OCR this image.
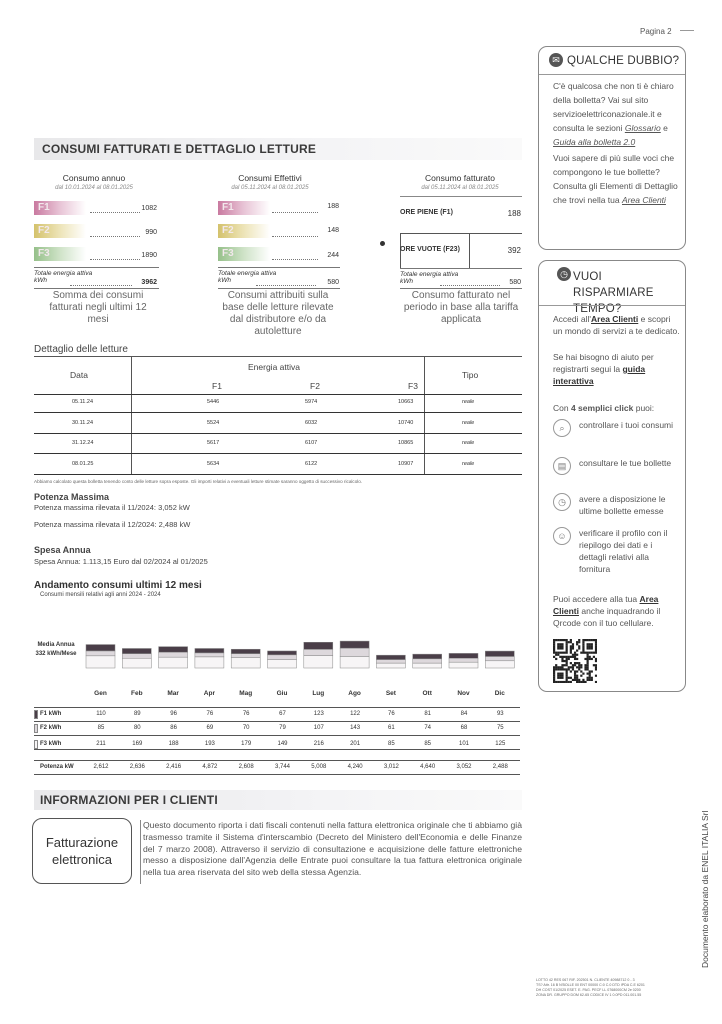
Pagina 2
CONSUMI FATTURATI E DETTAGLIO LETTURE
Consumo annuo
dal 10.01.2024 al 08.01.2025
F1	1082
F2	990
F3	1890
Totale energia attiva kWh	3962
Somma dei consumi fatturati negli ultimi 12 mesi
Consumi Effettivi
dal 05.11.2024 al 08.01.2025
F1	188
F2	148
F3	244
Totale energia attiva kWh	580
Consumi attribuiti sulla base delle letture rilevate dal distributore e/o da autoletture
Consumo fatturato
dal 05.11.2024 al 08.01.2025
ORE PIENE (F1)	188
ORE VUOTE (F23)	392
Totale energia attiva kWh	580
Consumo fatturato nel periodo in base alla tariffa applicata
Dettaglio delle letture
Data
Energia attiva
F1	F2	F3
Tipo
05.11.24	5446	5974	10663	reale
30.11.24	5524	6032	10740	reale
31.12.24	5617	6107	10865	reale
08.01.25	5634	6122	10907	reale
Abbiamo calcolato questa bolletta tenendo conto delle letture sopra esposte. Gli importi relativi a eventuali letture stimate saranno oggetto di successivo ricalcolo.
Potenza Massima
Potenza massima rilevata il 11/2024: 3,052 kW
Potenza massima rilevata il 12/2024: 2,488 kW
Spesa Annua
Spesa Annua: 1.113,15 Euro dal 02/2024 al 01/2025
Andamento consumi ultimi 12 mesi
Consumi mensili relativi agli anni 2024 - 2024
Media Annua 332 kWh/Mese
Gen	Feb	Mar	Apr	Mag	Giu	Lug	Ago	Set	Ott	Nov	Dic
F1 kWh	110	89	96	76	76	67	123	122	76	81	84	93
F2 kWh	85	80	86	69	70	79	107	143	61	74	68	75
F3 kWh	211	169	188	193	179	149	216	201	85	85	101	125
Potenza kW	2,612	2,636	2,416	4,872	2,608	3,744	5,008	4,240	3,012	4,640	3,052	2,488
INFORMAZIONI PER I CLIENTI
Fatturazione elettronica
Questo documento riporta i dati fiscali contenuti nella fattura elettronica originale che ti abbiamo già trasmesso tramite il Sistema d'interscambio (Decreto del Ministero dell'Economia e delle Finanze del 7 marzo 2008). Attraverso il servizio di consultazione e acquisizione delle fatture elettroniche messo a disposizione dall'Agenzia delle Entrate puoi consultare la tua fattura elettronica originale nella tua area riservata del sito web della stessa Agenzia.
✉ QUALCHE DUBBIO?
C'è qualcosa che non ti è chiaro della bolletta? Vai sul sito servizioelettriconazionale.it e consulta le sezioni Glossario e Guida alla bolletta 2.0
Vuoi sapere di più sulle voci che compongono le tue bollette? Consulta gli Elementi di Dettaglio che trovi nella tua Area Clienti
◷ VUOI RISPARMIARE TEMPO?
Accedi all'Area Clienti e scopri un mondo di servizi a te dedicato.
Se hai bisogno di aiuto per registrarti segui la guida interattiva
Con 4 semplici click puoi:
⌕	controllare i tuoi consumi
▤	consultare le tue bollette
◷	avere a disposizione le ultime bollette emesse
☺	verificare il profilo con il riepilogo dei dati e i dettagli relativi alla fornitura
Puoi accedere alla tua Area Clienti anche inquadrando il Qrcode con il tuo cellulare.
Documento elaborato da ENEL ITALIA Srl
LOTTO 42 RES 067 RIF. 202501 N. CLIENTE 40988712 0 - 3
TS? Attr. 16 B N'BOLLE 00 ENT 00000 C:0 C.0 DTD IPDA C.E 6201
DH COST 01/2025 ESET. E. PAG. PECF LL 0768000CM 2e 0200
ZONA DR. GRUPPO DOM 62-65 CODICE IV 1 0.0PD 011.001.55
